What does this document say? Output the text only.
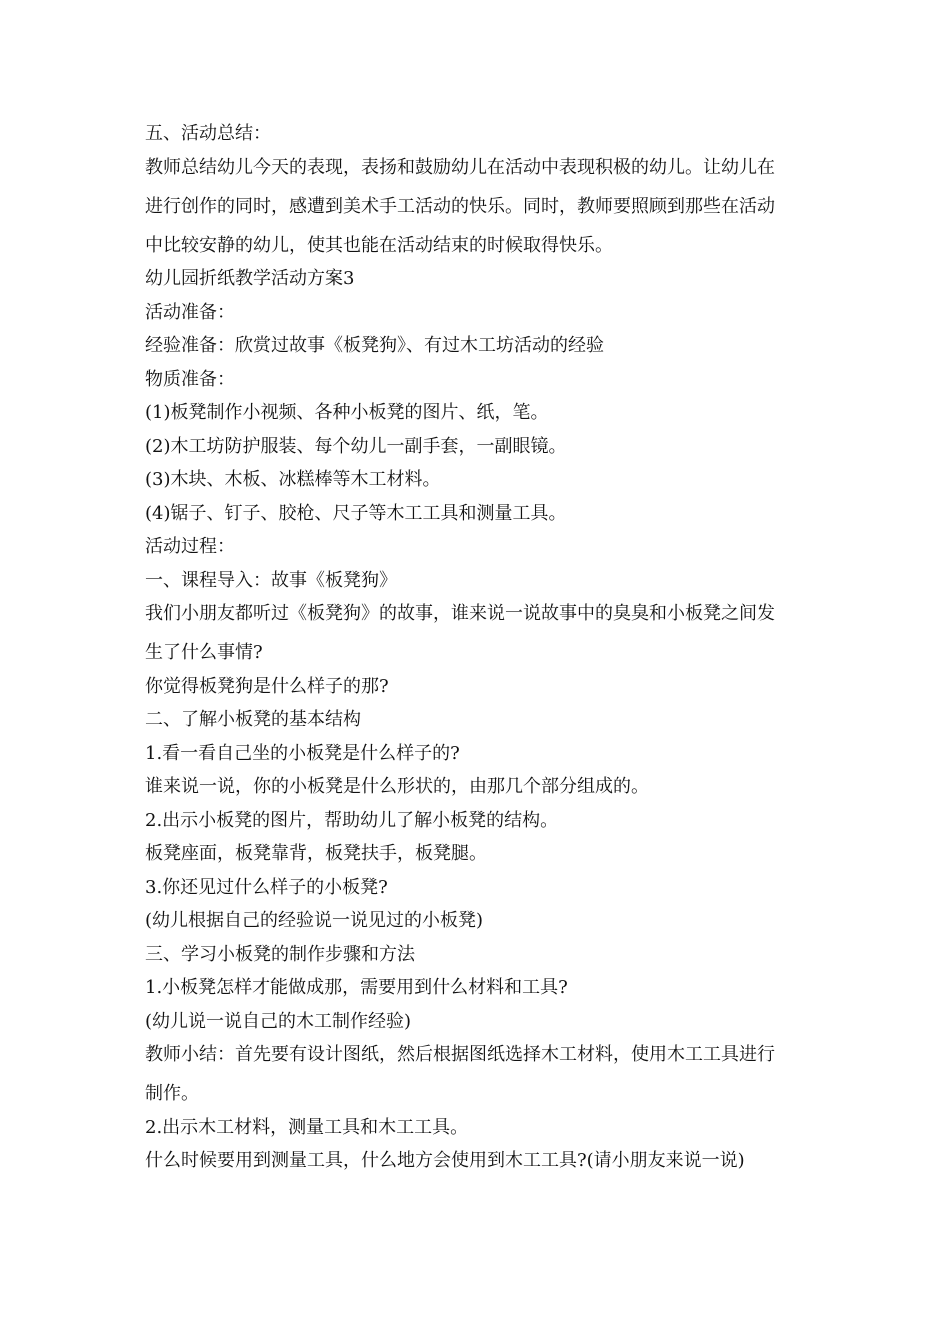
五、活动总结：

教师总结幼儿今天的表现，表扬和鼓励幼儿在活动中表现积极的幼儿。让幼儿在

进行创作的同时，感遭到美术手工活动的快乐。同时，教师要照顾到那些在活动

中比较安静的幼儿，使其也能在活动结束的时候取得快乐。

幼儿园折纸教学活动方案3

活动准备：

经验准备：欣赏过故事《板凳狗》、有过木工坊活动的经验

物质准备：

(1)板凳制作小视频、各种小板凳的图片、纸，笔。

(2)木工坊防护服装、每个幼儿一副手套，一副眼镜。

(3)木块、木板、冰糕棒等木工材料。

(4)锯子、钉子、胶枪、尺子等木工工具和测量工具。

活动过程：

一、课程导入：故事《板凳狗》

我们小朋友都听过《板凳狗》的故事，谁来说一说故事中的臭臭和小板凳之间发

生了什么事情?

你觉得板凳狗是什么样子的那?

二、了解小板凳的基本结构

1.看一看自己坐的小板凳是什么样子的?

谁来说一说，你的小板凳是什么形状的，由那几个部分组成的。

2.出示小板凳的图片，帮助幼儿了解小板凳的结构。

板凳座面，板凳靠背，板凳扶手，板凳腿。

3.你还见过什么样子的小板凳?

(幼儿根据自己的经验说一说见过的小板凳)

三、学习小板凳的制作步骤和方法

1.小板凳怎样才能做成那，需要用到什么材料和工具?

(幼儿说一说自己的木工制作经验)

教师小结：首先要有设计图纸，然后根据图纸选择木工材料，使用木工工具进行

制作。

2.出示木工材料，测量工具和木工工具。

什么时候要用到测量工具，什么地方会使用到木工工具?(请小朋友来说一说)
